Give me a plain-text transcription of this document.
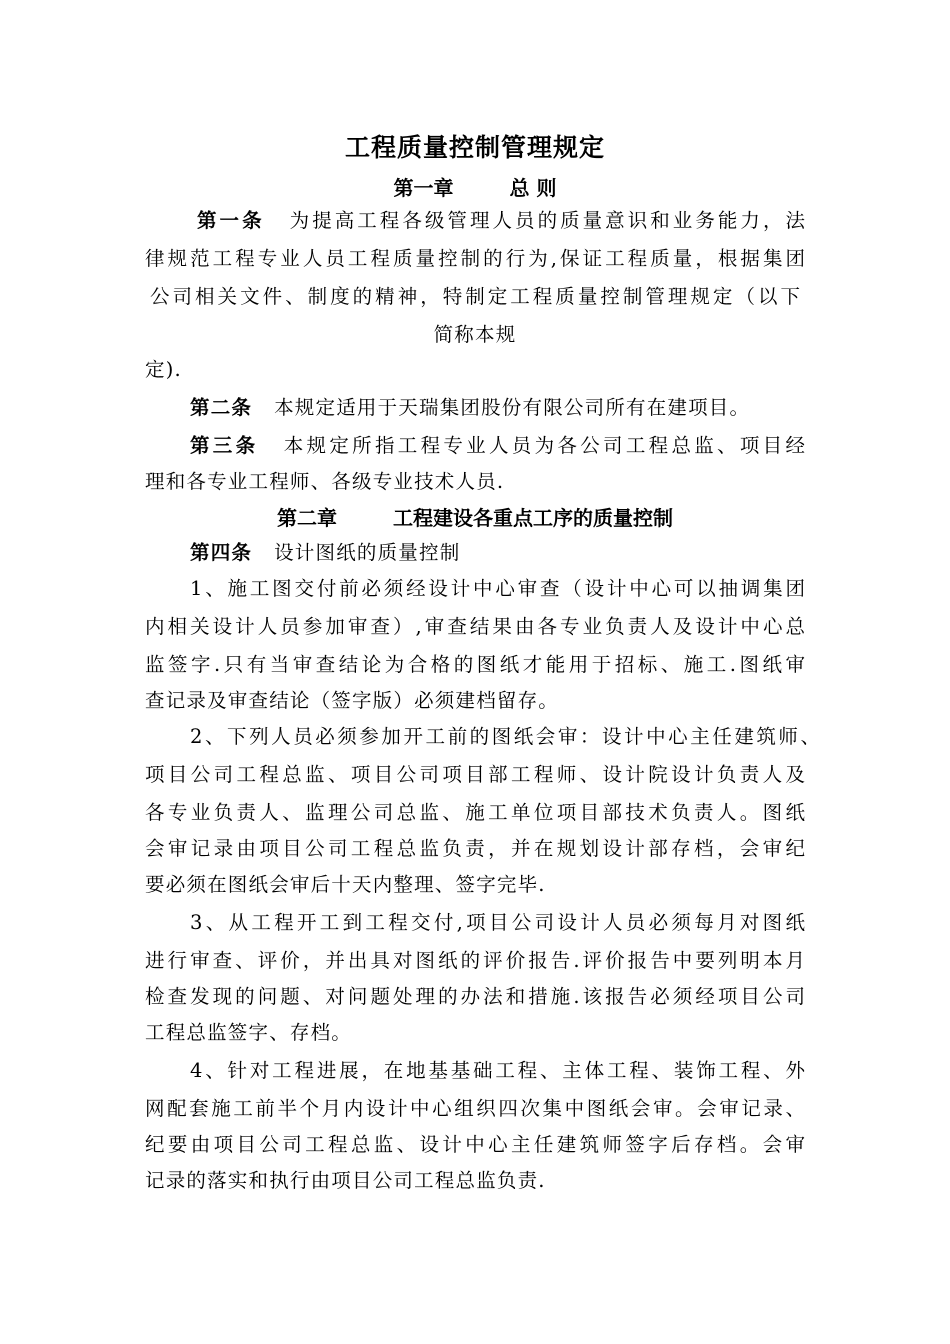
工程质量控制管理规定
第一章	总 则
第一条 为提高工程各级管理人员的质量意识和业务能力，法
律规范工程专业人员工程质量控制的行为,保证工程质量，根据集团
公司相关文件、制度的精神，特制定工程质量控制管理规定（以下
简称本规
定).
第二条 本规定适用于天瑞集团股份有限公司所有在建项目。
第三条 本规定所指工程专业人员为各公司工程总监、项目经
理和各专业工程师、各级专业技术人员.
第二章	工程建设各重点工序的质量控制
第四条 设计图纸的质量控制
1、施工图交付前必须经设计中心审查（设计中心可以抽调集团
内相关设计人员参加审查）,审查结果由各专业负责人及设计中心总
监签字.只有当审查结论为合格的图纸才能用于招标、施工.图纸审
查记录及审查结论（签字版）必须建档留存。
2、下列人员必须参加开工前的图纸会审：设计中心主任建筑师、
项目公司工程总监、项目公司项目部工程师、设计院设计负责人及
各专业负责人、监理公司总监、施工单位项目部技术负责人。图纸
会审记录由项目公司工程总监负责，并在规划设计部存档，会审纪
要必须在图纸会审后十天内整理、签字完毕.
3、从工程开工到工程交付,项目公司设计人员必须每月对图纸
进行审查、评价，并出具对图纸的评价报告.评价报告中要列明本月
检查发现的问题、对问题处理的办法和措施.该报告必须经项目公司
工程总监签字、存档。
4、针对工程进展，在地基基础工程、主体工程、装饰工程、外
网配套施工前半个月内设计中心组织四次集中图纸会审。会审记录、
纪要由项目公司工程总监、设计中心主任建筑师签字后存档。会审
记录的落实和执行由项目公司工程总监负责.
